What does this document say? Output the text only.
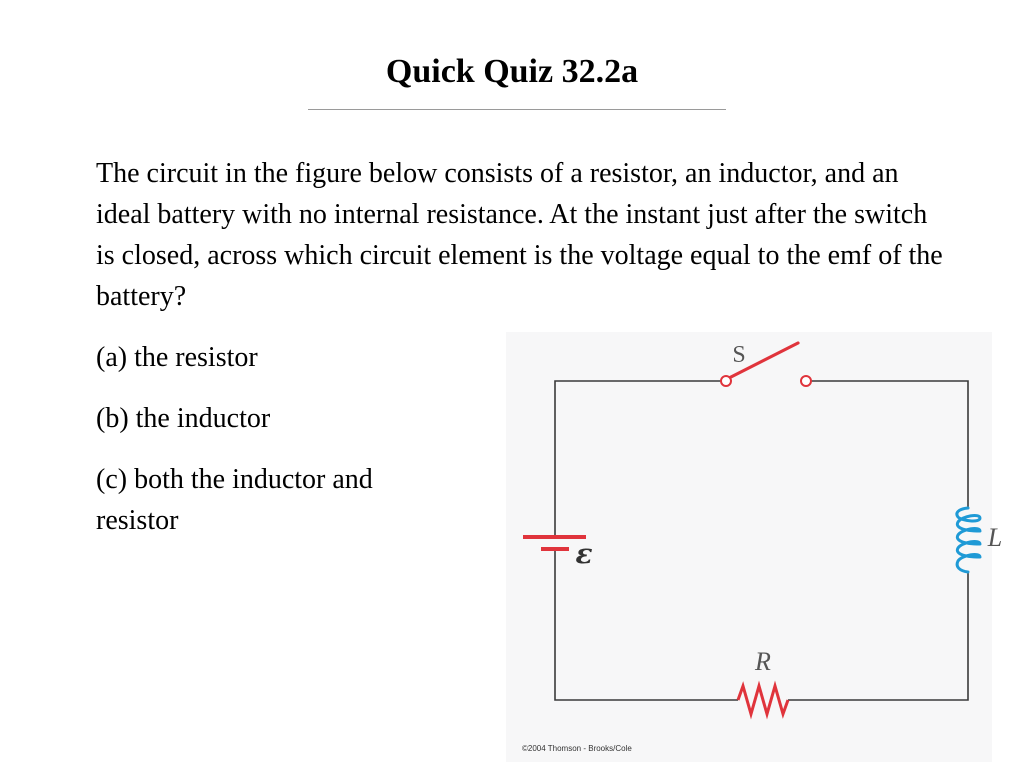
Quick Quiz 32.2a

The circuit in the figure below consists of a resistor, an inductor, and an ideal battery with no internal resistance. At the instant just after the switch is closed, across which circuit element is the voltage equal to the emf of the battery?

(a) the resistor

(b) the inductor

(c) both the inductor and resistor

S
ε	L
R
©2004 Thomson - Brooks/Cole
